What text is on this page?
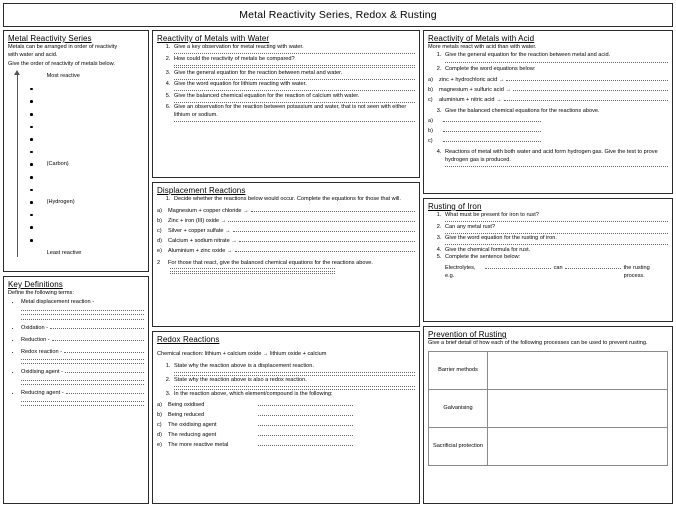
Metal Reactivity Series, Redox & Rusting
Metal Reactivity Series
Metals can be arranged in order of reactivity
with water and acid.
Give the order of reactivity of metals below.
Most reactive
(Carbon)
(Hydrogen)
Least reactive
Key Definitions
Define the following terms:
• Metal displacement reaction -
• Oxidation -
• Reduction -
• Redox reaction -
• Oxidising agent -
• Reducing agent -
Reactivity of Metals with Water
1. Give a key observation for metal reacting with water.
2. How could the reactivity of metals be compared?
3. Give the general equation for the reaction between metal and water.
4. Give the word equation for lithium reacting with water.
5. Give the balanced chemical equation for the reaction of calcium with water.
6. Give an observation for the reaction between potassium and water, that is not seen with either lithium or sodium.
Displacement Reactions
1. Decide whether the reactions below would occur. Complete the equations for those that will.
a)	Magnesium + copper chloride →
b)	Zinc + iron (III) oxide →
c)	Silver + copper sulfate →
d)	Calcium + sodium nitrate →
e)	Aluminium + zinc oxide →
2	For those that react, give the balanced chemical equations for the reactions above.
Redox Reactions
Chemical reaction: lithium + calcium oxide → lithium oxide + calcium
1. State why the reaction above is a displacement reaction.
2. State why the reaction above is also a redox reaction.
3. In the reaction above, which element/compound is the following:
a)	Being oxidised
b)	Being reduced
c)	The oxidising agent
d)	The reducing agent
e)	The more reactive metal
Reactivity of Metals with Acid
More metals react with acid than with water.
1. Give the general equation for the reaction between metal and acid.
2. Complete the word equations below:
a)	zinc + hydrochloric acid →
b)	magnesium + sulfuric acid →
c)	aluminium + nitric acid →
3. Give the balanced chemical equations for the reactions above.
a)
b)
c)
4. Reactions of metal with both water and acid form hydrogen gas. Give the test to prove hydrogen gas is produced.
Rusting of Iron
1. What must be present for iron to rust?
2. Can any metal rust?
3. Give the word equation for the rusting of iron.
4. Give the chemical formula for rust.
5. Complete the sentence below:
Electrolytes, e.g.
can	the rusting process.
Prevention of Rusting
Give a brief detail of how each of the following processes can be used to prevent rusting.
Barrier methods	
Galvanising	
Sacrificial protection	
